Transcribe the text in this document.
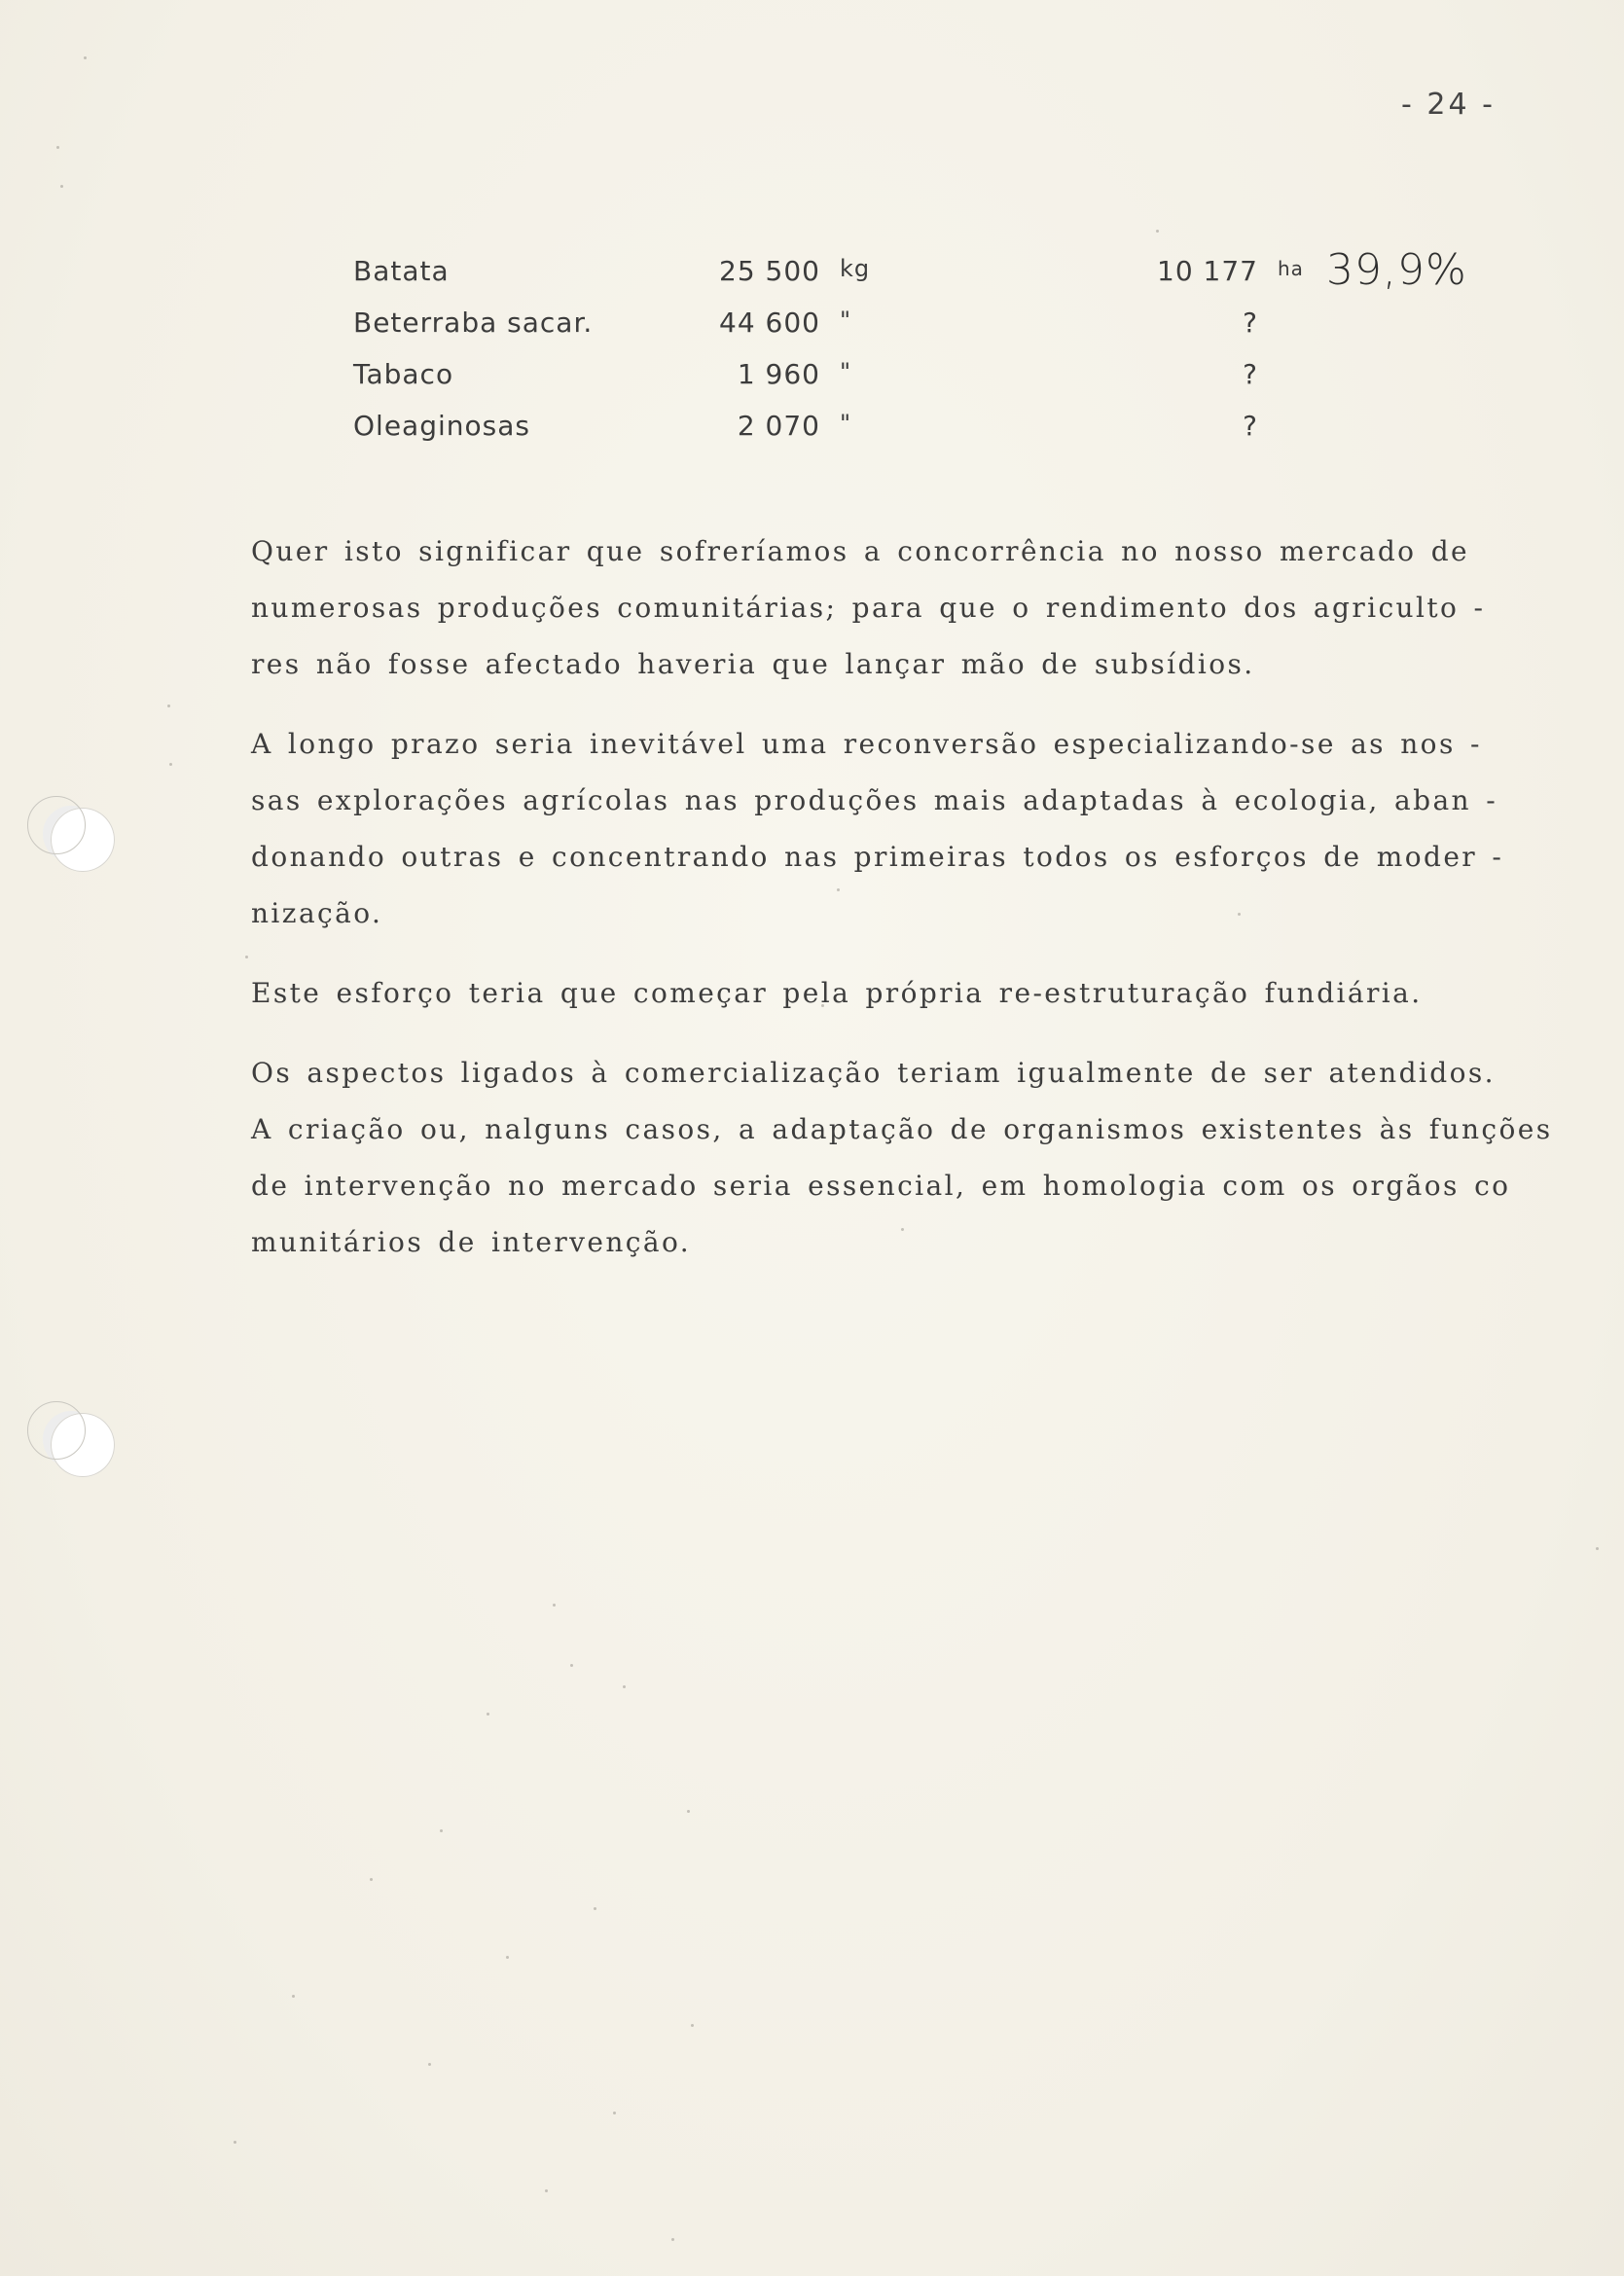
- 24 -
Batata	25 500 kg	10 177 ha 39,9%
Beterraba sacar.	44 600 "	?
Tabaco	1 960 "	?
Oleaginosas	2 070 "	?

Quer isto significar que sofreríamos a concorrência no nosso mercado de
numerosas produções comunitárias; para que o rendimento dos agriculto -
res não fosse afectado haveria que lançar mão de subsídios.

A longo prazo seria inevitável uma reconversão especializando-se as nos -
sas explorações agrícolas nas produções mais adaptadas à ecologia, aban -
donando outras e concentrando nas primeiras todos os esforços de moder -
nização.

Este esforço teria que começar pela própria re-estruturação fundiária.

Os aspectos ligados à comercialização teriam igualmente de ser atendidos.
A criação ou, nalguns casos, a adaptação de organismos existentes às funções
de intervenção no mercado seria essencial, em homologia com os orgãos co
munitários de intervenção.
